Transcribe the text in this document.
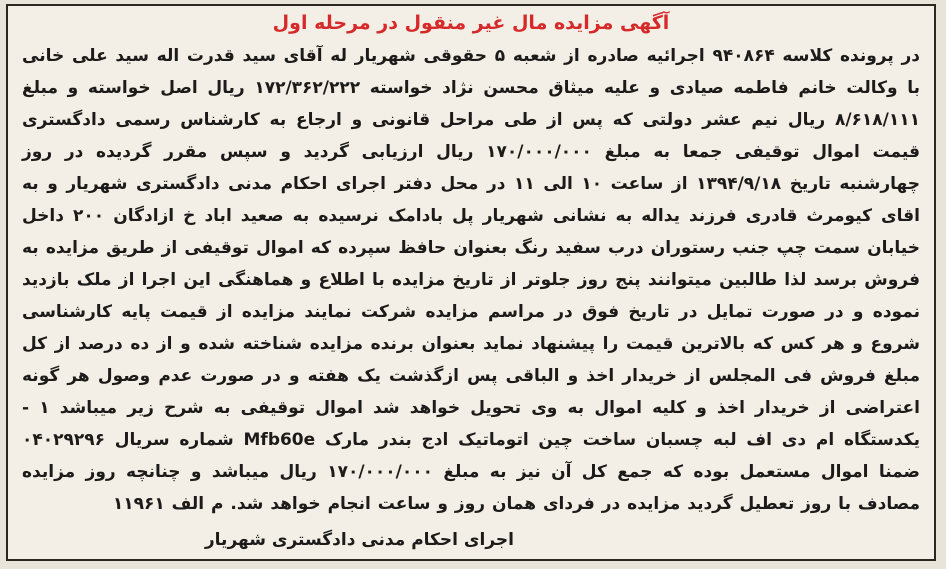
آگهی مزایده مال غیر منقول در مرحله اول
در پرونده کلاسه ۹۴۰۸۶۴ اجرائیه صادره از شعبه ۵ حقوقی شهریار له آقای سید قدرت اله سید علی خانی با وکالت خانم فاطمه صیادی و علیه میثاق محسن نژاد خواسته ۱۷۲/۳۶۲/۲۲۲ ریال اصل خواسته و مبلغ ۸/۶۱۸/۱۱۱ ریال نیم عشر دولتی که پس از طی مراحل قانونی و ارجاع به کارشناس رسمی دادگستری قیمت اموال توقیفی جمعا به مبلغ ۱۷۰/۰۰۰/۰۰۰ ریال ارزیابی گردید و سپس مقرر گردیده در روز چهارشنبه تاریخ ۱۳۹۴/۹/۱۸ از ساعت ۱۰ الی ۱۱ در محل دفتر اجرای احکام مدنی دادگستری شهریار و به اقای کیومرث قادری فرزند یداله به نشانی شهریار پل بادامک نرسیده به صعید اباد خ ازادگان ۲۰۰ داخل خیابان سمت چپ جنب رستوران درب سفید رنگ بعنوان حافظ سپرده که اموال توقیفی از طریق مزایده به فروش برسد لذا طالبین میتوانند پنج روز جلوتر از تاریخ مزایده با اطلاع و هماهنگی این اجرا از ملک بازدید نموده و در صورت تمایل در تاریخ فوق در مراسم مزایده شرکت نمایند مزایده از قیمت پایه کارشناسی شروع و هر کس که بالاترین قیمت را پیشنهاد نماید بعنوان برنده مزایده شناخته شده و از ده درصد از کل مبلغ فروش فی المجلس از خریدار اخذ و الباقی پس ازگذشت یک هفته و در صورت عدم وصول هر گونه اعتراضی از خریدار اخذ و کلیه اموال به وی تحویل خواهد شد اموال توقیفی به شرح زیر میباشد ۱ - یکدستگاه ام دی اف لبه چسبان ساخت چین اتوماتیک ادج بندر مارک Mfb60e شماره سریال ۰۴۰۲۹۲۹۶ ضمنا اموال مستعمل بوده که جمع کل آن نیز به مبلغ ۱۷۰/۰۰۰/۰۰۰ ریال میباشد و چنانچه روز مزایده مصادف با روز تعطیل گردید مزایده در فردای همان روز و ساعت انجام خواهد شد. م الف ۱۱۹۶۱
اجرای احکام مدنی دادگستری شهریار
